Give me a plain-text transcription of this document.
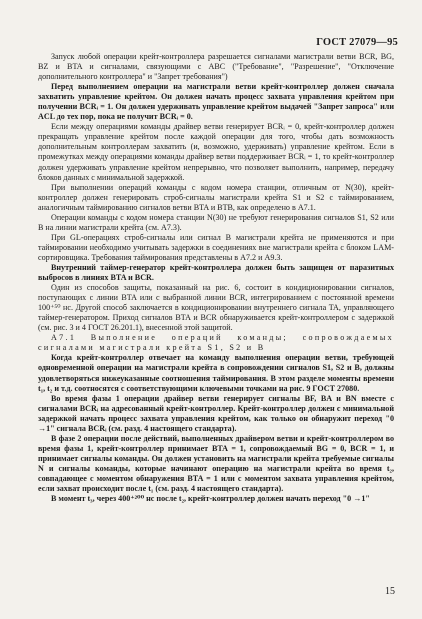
ГОСТ 27079—95

Запуск любой операции крейт-контроллера разрешается сигналами магистрали ветви BCR, BG, BZ и BTA и сигналами, связующими с ABC ("Требование", "Разрешение", "Отключение дополнительного контроллера" и "Запрет требования")

Перед выполнением операции на магистрали ветви крейт-контроллер должен сначала захватить управление крейтом. Он должен начать процесс захвата управления крейтом при получении BCRᵢ = 1. Он должен удерживать управление крейтом выдачей "Запрет запроса" или ACL до тех пор, пока не получит BCRᵢ = 0.

Если между операциями команды драйвер ветви генерирует BCRᵢ = 0, крейт-контроллер должен прекращать управление крейтом после каждой операции для того, чтобы дать возможность дополнительным контроллерам захватить (и, возможно, удерживать) управление крейтом. Если в промежутках между операциями команды драйвер ветви поддерживает BCRᵢ = 1, то крейт-контроллер должен удерживать управление крейтом непрерывно, что позволяет выполнить, например, передачу блоков данных с минимальной задержкой.

При выполнении операций команды с кодом номера станции, отличным от N(30), крейт-контроллер должен генерировать строб-сигналы магистрали крейта S1 и S2 с таймированием, аналогичным таймированию сигналов ветви BTA и BTB, как определено в А7.1.

Операции команды с кодом номера станции N(30) не требуют генерирования сигналов S1, S2 или B на линии магистрали крейта (см. А7.3).

При GL-операциях строб-сигналы или сигнал B магистрали крейта не применяются и при таймировании необходимо учитывать задержки в соединениях вне магистрали крейта с блоком LAM-сортировщика. Требования таймирования представлены в А7.2 и А9.3.

Внутренний таймер-генератор крейт-контроллера должен быть защищен от паразитных выбросов в линиях BTA и BCR.

Один из способов защиты, показанный на рис. 6, состоит в кондиционировании сигналов, поступающих с линии BTA или с выбранной линии BCR, интегрированием с постоянной времени 100⁺⁵⁰ нс. Другой способ заключается в кондиционировании внутреннего сигнала TA, управляющего таймер-генератором. Приход сигналов BTA и BCR обнаруживается крейт-контроллером с задержкой (см. рис. 3 и 4 ГОСТ 26.201.1), внесенной этой защитой.

А7.1 Выполнение операций команды; сопровождаемых сигналами магистрали крейта S1, S2 и B

Когда крейт-контроллер отвечает на команду выполнения операции ветви, требующей одновременной операции на магистрали крейта в сопровождении сигналов S1, S2 и B, должны удовлетворяться нижеуказанные соотношения таймирования. В этом разделе моменты времени t₁, t₂ и т.д. соотносятся с соответствующими ключевыми точками на рис. 9 ГОСТ 27080.

Во время фазы 1 операции драйвер ветви генерирует сигналы BF, BA и BN вместе с сигналами BCRᵢ на адресованный крейт-контроллер. Крейт-контроллер должен с минимальной задержкой начать процесс захвата управления крейтом, как только он обнаружит переход "0 →1" сигнала BCRᵢ (см. разд. 4 настоящего стандарта).

В фазе 2 операции после действий, выполненных драйвером ветви и крейт-контроллером во время фазы 1, крейт-контроллер принимает BTA = 1, сопровождаемый BG = 0, BCR = 1, и принимает сигналы команды. Он должен установить на магистрали крейта требуемые сигналы N и сигналы команды, которые начинают операцию на магистрали крейта во время t₂, совпадающее с моментом обнаружения BTA = 1 или с моментом захвата управления крейтом, если захват происходит после t₁ (см. разд. 4 настоящего стандарта).

В момент t₃, через 400⁺²⁰⁰ нс после t₂, крейт-контроллер должен начать переход "0 →1"

15
